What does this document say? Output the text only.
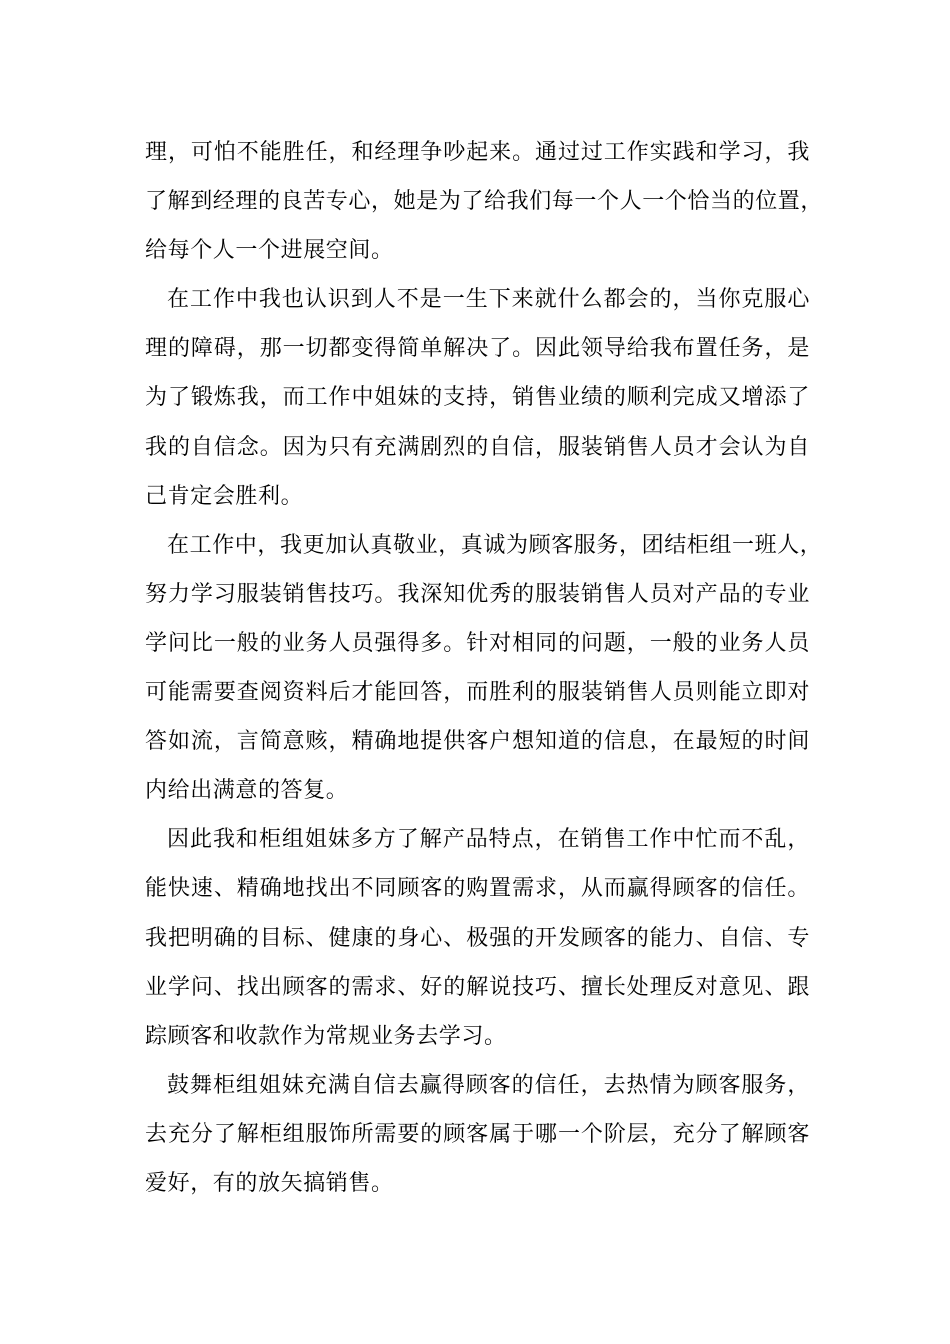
理，可怕不能胜任，和经理争吵起来。通过过工作实践和学习，我
了解到经理的良苦专心，她是为了给我们每一个人一个恰当的位置，
给每个人一个进展空间。
在工作中我也认识到人不是一生下来就什么都会的，当你克服心
理的障碍，那一切都变得简单解决了。因此领导给我布置任务，是
为了锻炼我，而工作中姐妹的支持，销售业绩的顺利完成又增添了
我的自信念。因为只有充满剧烈的自信，服装销售人员才会认为自
己肯定会胜利。
在工作中，我更加认真敬业，真诚为顾客服务，团结柜组一班人，
努力学习服装销售技巧。我深知优秀的服装销售人员对产品的专业
学问比一般的业务人员强得多。针对相同的问题，一般的业务人员
可能需要查阅资料后才能回答，而胜利的服装销售人员则能立即对
答如流，言简意赅，精确地提供客户想知道的信息，在最短的时间
内给出满意的答复。
因此我和柜组姐妹多方了解产品特点，在销售工作中忙而不乱，
能快速、精确地找出不同顾客的购置需求，从而赢得顾客的信任。
我把明确的目标、健康的身心、极强的开发顾客的能力、自信、专
业学问、找出顾客的需求、好的解说技巧、擅长处理反对意见、跟
踪顾客和收款作为常规业务去学习。
鼓舞柜组姐妹充满自信去赢得顾客的信任，去热情为顾客服务，
去充分了解柜组服饰所需要的顾客属于哪一个阶层，充分了解顾客
爱好，有的放矢搞销售。
